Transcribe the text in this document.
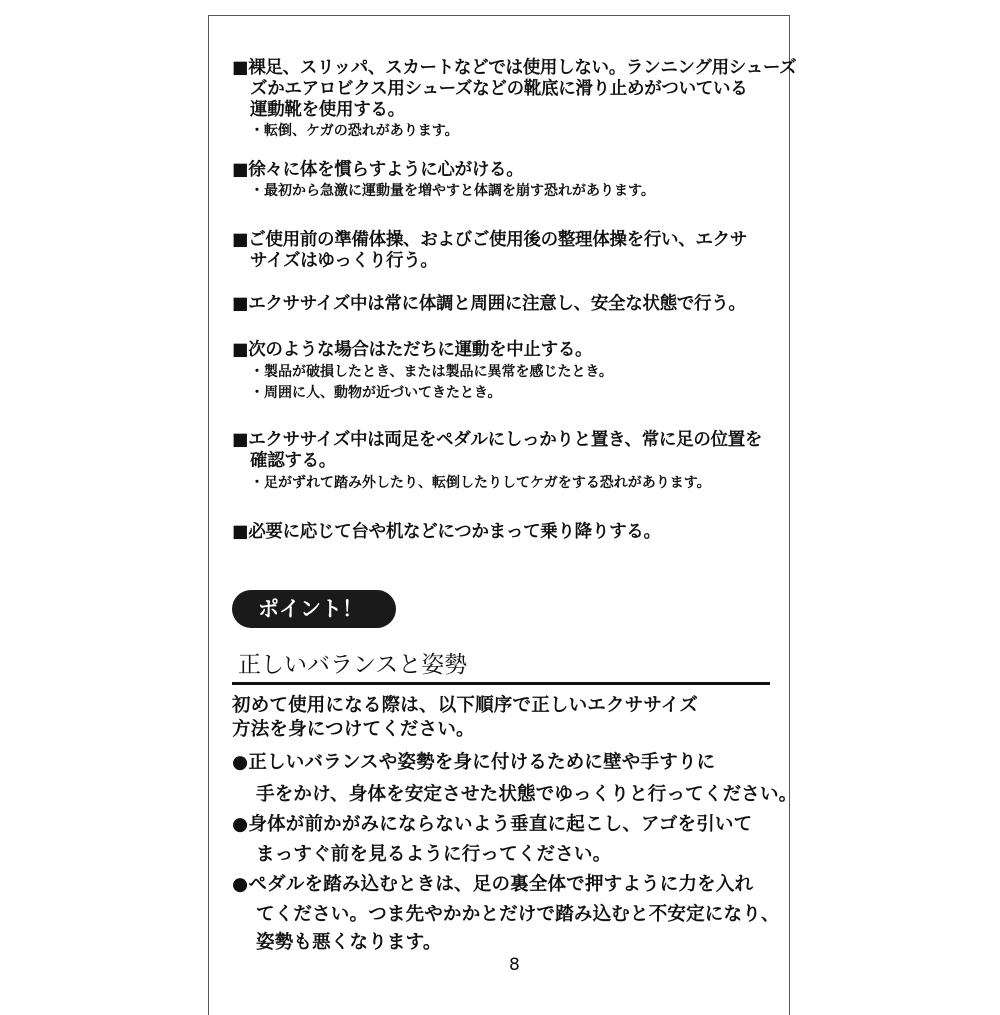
■裸足、スリッパ、スカートなどでは使用しない。ランニング用シューズ
ズかエアロビクス用シューズなどの靴底に滑り止めがついている
運動靴を使用する。
・転倒、ケガの恐れがあります。
■徐々に体を慣らすように心がける。
・最初から急激に運動量を増やすと体調を崩す恐れがあります。
■ご使用前の準備体操、およびご使用後の整理体操を行い、エクサ
サイズはゆっくり行う。
■エクササイズ中は常に体調と周囲に注意し、安全な状態で行う。
■次のような場合はただちに運動を中止する。
・製品が破損したとき、または製品に異常を感じたとき。
・周囲に人、動物が近づいてきたとき。
■エクササイズ中は両足をペダルにしっかりと置き、常に足の位置を
確認する。
・足がずれて踏み外したり、転倒したりしてケガをする恐れがあります。
■必要に応じて台や机などにつかまって乗り降りする。
ポイント！
正しいバランスと姿勢
初めて使用になる際は、以下順序で正しいエクササイズ
方法を身につけてください。
●正しいバランスや姿勢を身に付けるために壁や手すりに
手をかけ、身体を安定させた状態でゆっくりと行ってください。
●身体が前かがみにならないよう垂直に起こし、アゴを引いて
まっすぐ前を見るように行ってください。
●ペダルを踏み込むときは、足の裏全体で押すように力を入れ
てください。つま先やかかとだけで踏み込むと不安定になり、
姿勢も悪くなります。
8
